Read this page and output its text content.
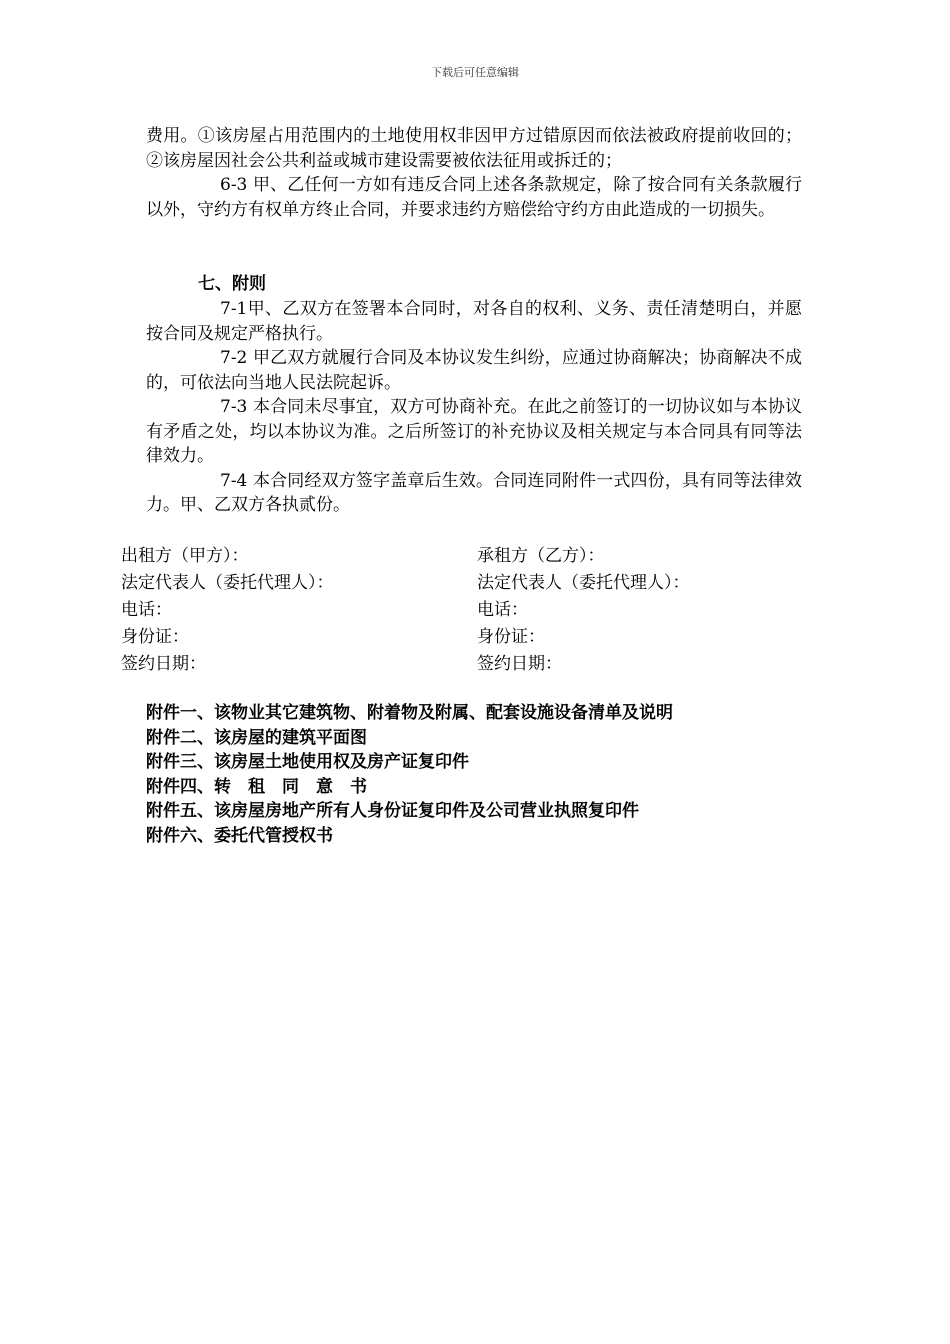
下载后可任意编辑

费用。①该房屋占用范围内的土地使用权非因甲方过错原因而依法被政府提前收回的；②该房屋因社会公共利益或城市建设需要被依法征用或拆迁的；

6-3 甲、乙任何一方如有违反合同上述各条款规定，除了按合同有关条款履行以外，守约方有权单方终止合同，并要求违约方赔偿给守约方由此造成的一切损失。

七、附则

7-1甲、乙双方在签署本合同时，对各自的权利、义务、责任清楚明白，并愿按合同及规定严格执行。

7-2 甲乙双方就履行合同及本协议发生纠纷，应通过协商解决；协商解决不成的，可依法向当地人民法院起诉。

7-3 本合同未尽事宜，双方可协商补充。在此之前签订的一切协议如与本协议有矛盾之处，均以本协议为准。之后所签订的补充协议及相关规定与本合同具有同等法律效力。

7-4 本合同经双方签字盖章后生效。合同连同附件一式四份，具有同等法律效力。甲、乙双方各执贰份。

出租方（甲方）：
法定代表人（委托代理人）：
电话：
身份证：
签约日期：
承租方（乙方）：
法定代表人（委托代理人）：
电话：
身份证：
签约日期：
附件一、该物业其它建筑物、附着物及附属、配套设施设备清单及说明
附件二、该房屋的建筑平面图
附件三、该房屋土地使用权及房产证复印件
附件四、转　租　同　意　书
附件五、该房屋房地产所有人身份证复印件及公司营业执照复印件
附件六、委托代管授权书
